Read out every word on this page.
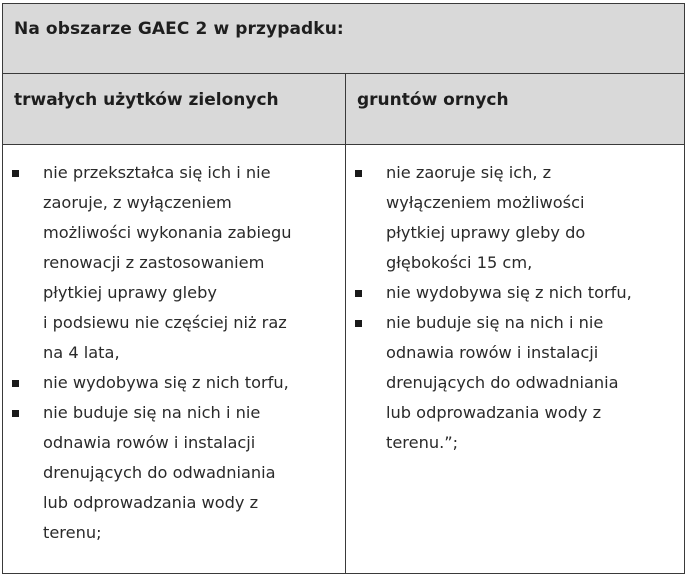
Na obszarze GAEC 2 w przypadku:
trwałych użytków zielonych	gruntów ornych
nie przekształca się ich i nie
zaoruje, z wyłączeniem
możliwości wykonania zabiegu
renowacji z zastosowaniem
płytkiej uprawy gleby
i podsiewu nie częściej niż raz
na 4 lata,
nie wydobywa się z nich torfu,
nie buduje się na nich i nie
odnawia rowów i instalacji
drenujących do odwadniania
lub odprowadzania wody z
terenu;
nie zaoruje się ich, z
wyłączeniem możliwości
płytkiej uprawy gleby do
głębokości 15 cm,
nie wydobywa się z nich torfu,
nie buduje się na nich i nie
odnawia rowów i instalacji
drenujących do odwadniania
lub odprowadzania wody z
terenu.”;
